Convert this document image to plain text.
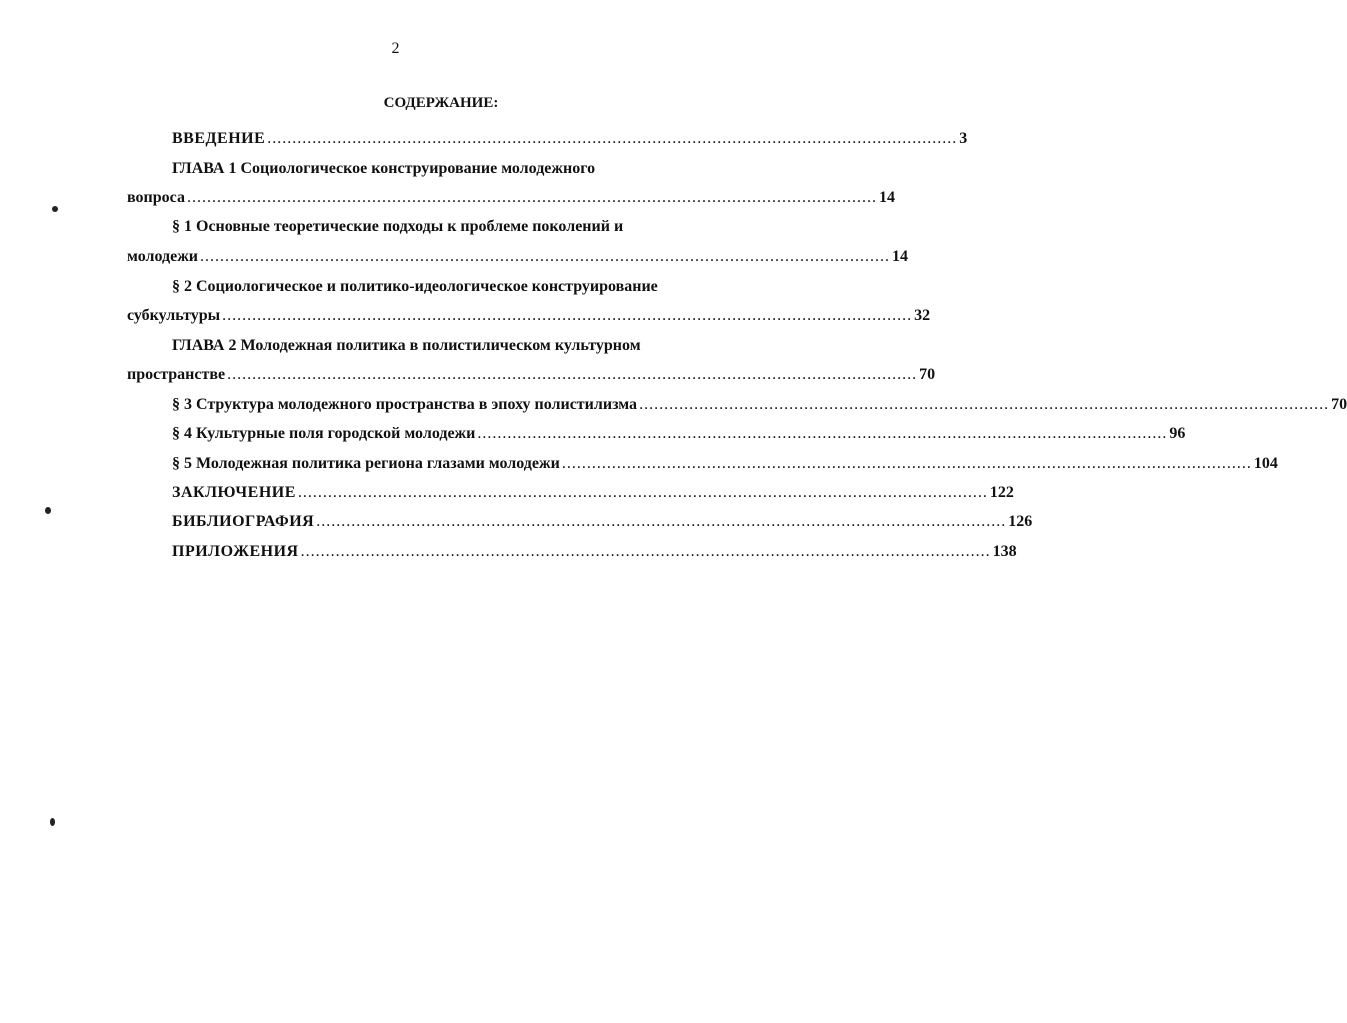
2
СОДЕРЖАНИЕ:
ВВЕДЕНИЕ .......................................................................................................................................... 3
ГЛАВА 1 Социологическое конструирование молодежного
вопроса .......................................................................................................................................... 14
§ 1 Основные теоретические подходы к проблеме поколений и
молодежи .......................................................................................................................................... 14
§ 2 Социологическое и политико-идеологическое конструирование
субкультуры .......................................................................................................................................... 32
ГЛАВА 2 Молодежная политика в полистилическом культурном
пространстве .......................................................................................................................................... 70
§ 3 Структура молодежного пространства в эпоху полистилизма .......................................................................................................................................... 70
§ 4 Культурные поля городской молодежи .......................................................................................................................................... 96
§ 5 Молодежная политика региона глазами молодежи .......................................................................................................................................... 104
ЗАКЛЮЧЕНИЕ .......................................................................................................................................... 122
БИБЛИОГРАФИЯ .......................................................................................................................................... 126
ПРИЛОЖЕНИЯ .......................................................................................................................................... 138
